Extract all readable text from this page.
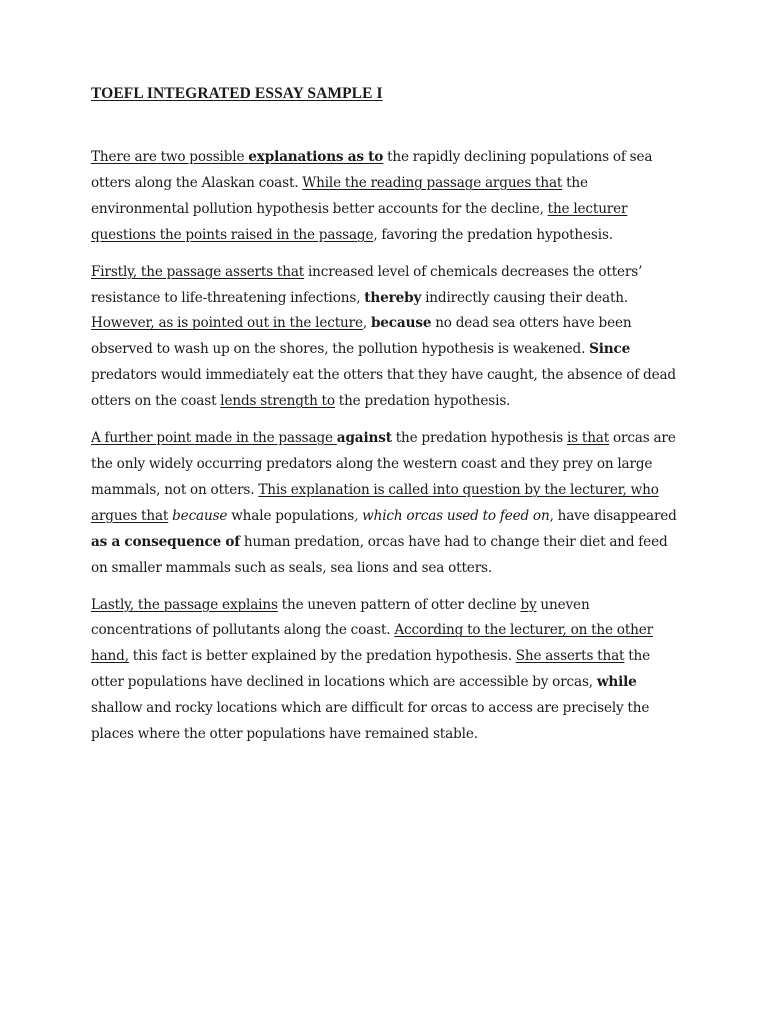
TOEFL INTEGRATED ESSAY SAMPLE I

There are two possible explanations as to the rapidly declining populations of sea otters along the Alaskan coast. While the reading passage argues that the environmental pollution hypothesis better accounts for the decline, the lecturer questions the points raised in the passage, favoring the predation hypothesis.

Firstly, the passage asserts that increased level of chemicals decreases the otters’ resistance to life-threatening infections, thereby indirectly causing their death. However, as is pointed out in the lecture, because no dead sea otters have been observed to wash up on the shores, the pollution hypothesis is weakened. Since predators would immediately eat the otters that they have caught, the absence of dead otters on the coast lends strength to the predation hypothesis.

A further point made in the passage against the predation hypothesis is that orcas are the only widely occurring predators along the western coast and they prey on large mammals, not on otters. This explanation is called into question by the lecturer, who argues that because whale populations, which orcas used to feed on, have disappeared as a consequence of human predation, orcas have had to change their diet and feed on smaller mammals such as seals, sea lions and sea otters.

Lastly, the passage explains the uneven pattern of otter decline by uneven concentrations of pollutants along the coast. According to the lecturer, on the other hand, this fact is better explained by the predation hypothesis. She asserts that the otter populations have declined in locations which are accessible by orcas, while shallow and rocky locations which are difficult for orcas to access are precisely the places where the otter populations have remained stable.
